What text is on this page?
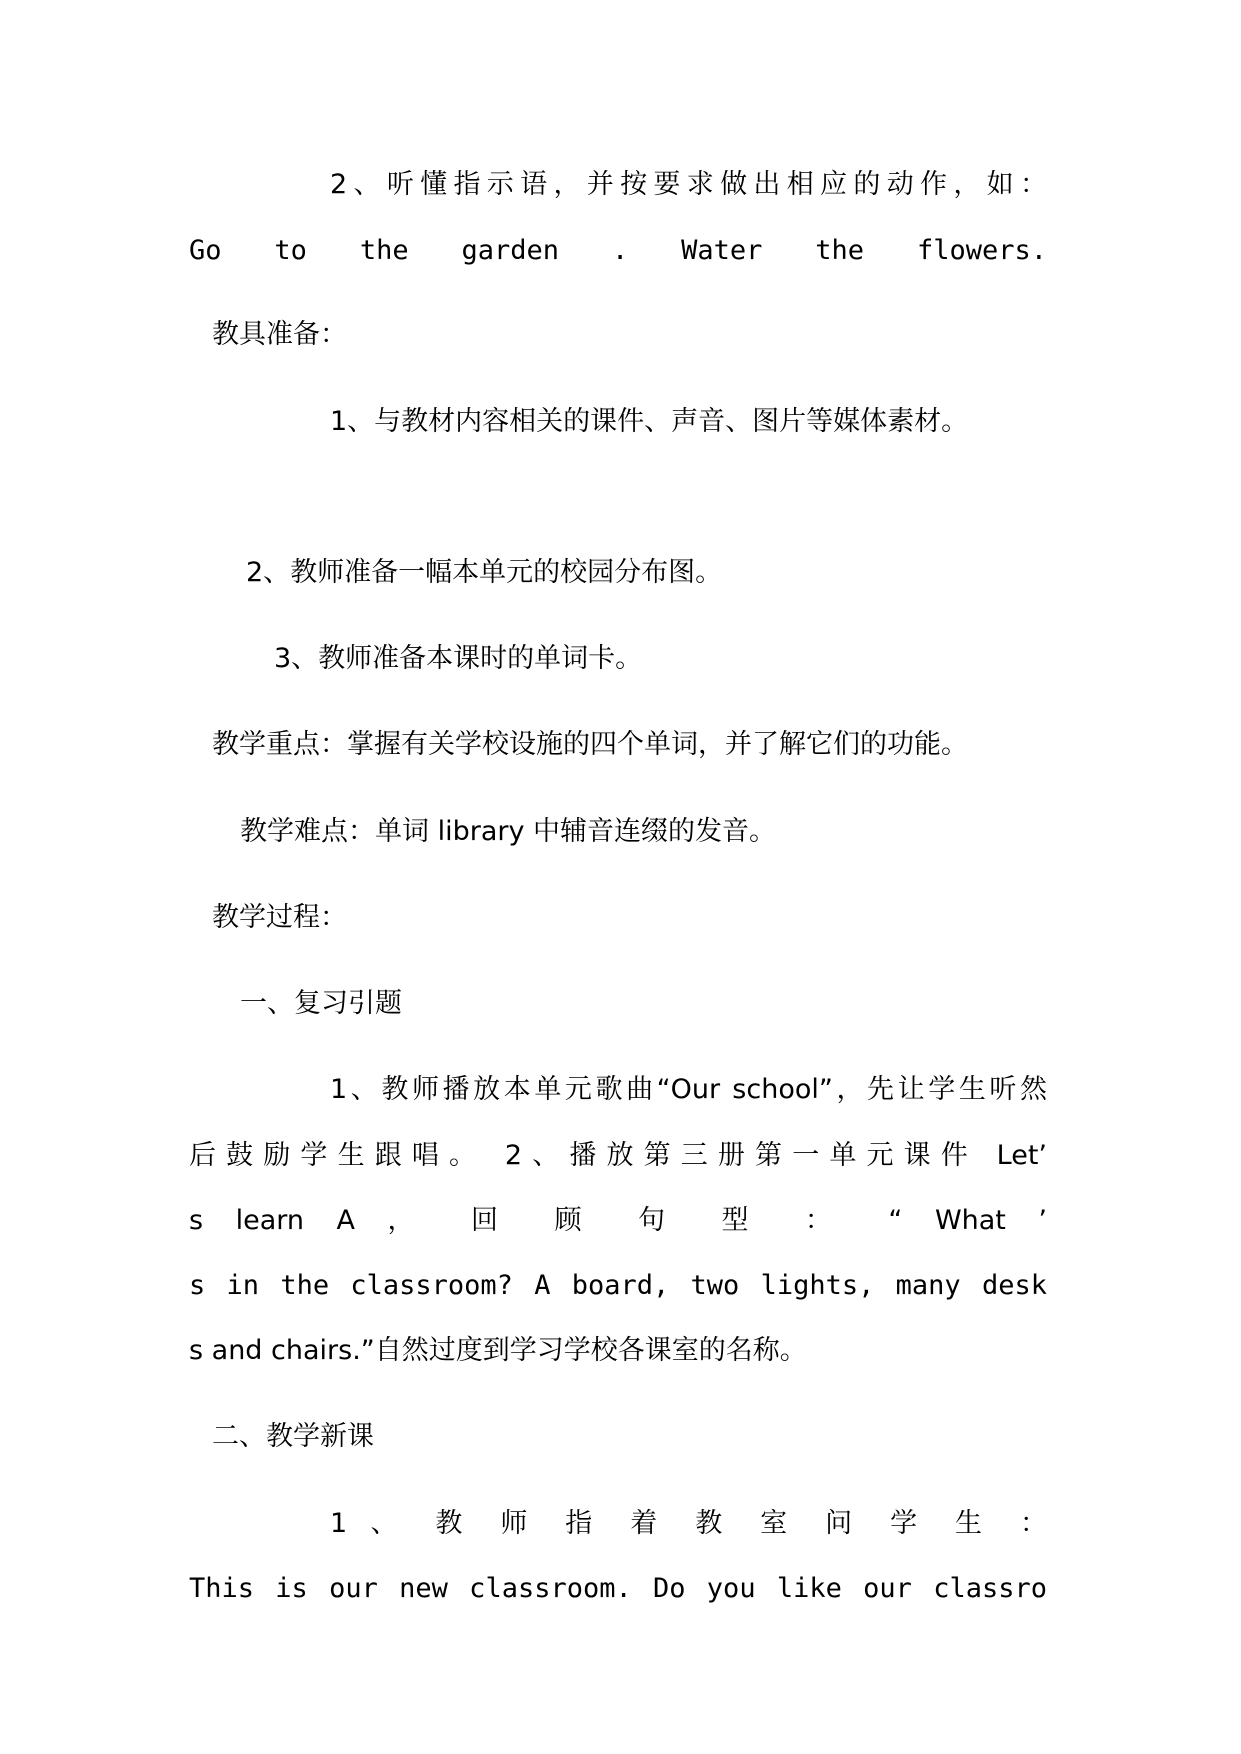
2、听懂指示语，并按要求做出相应的动作，如：
Go to the garden . Water the flowers.
教具准备：
1、与教材内容相关的课件、声音、图片等媒体素材。
2、教师准备一幅本单元的校园分布图。
3、教师准备本课时的单词卡。
教学重点：掌握有关学校设施的四个单词，并了解它们的功能。
教学难点：单词 library 中辅音连缀的发音。
教学过程：
一、复习引题
1、教师播放本单元歌曲“Our school”，先让学生听然
后鼓励学生跟唱。 2、播放第三册第一单元课件 Let’
s learn A ， 回 顾 句 型 ： “ What ’
s in the classroom? A board, two lights, many desk
s and chairs.”自然过度到学习学校各课室的名称。
二、教学新课
1 、 教 师 指 着 教 室 问 学 生 ：
This is our new classroom. Do you like our classro
